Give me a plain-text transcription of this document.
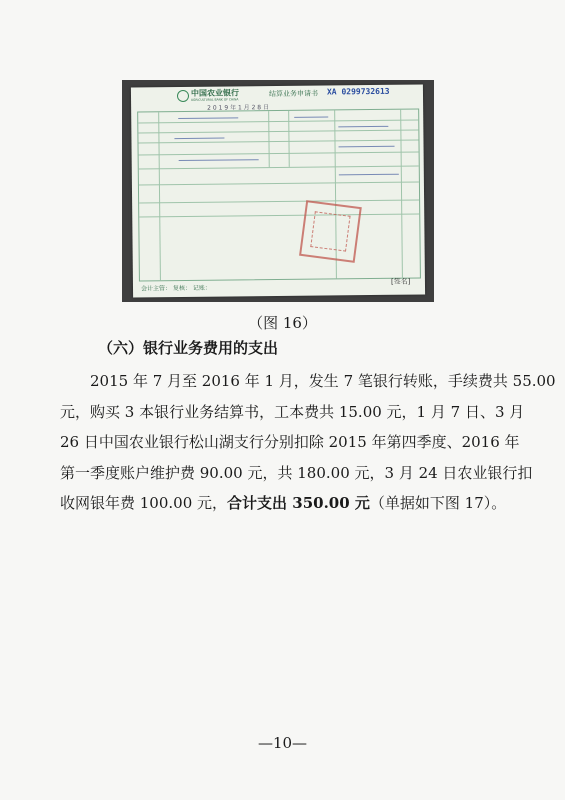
中国农业银行
AGRICULTURAL BANK OF CHINA
结算业务申请书 XA 0299732613
2 0 1 9 年 1 月 2 8 日
会计主管： 复核： 记账：
[签名]
（图 16）
（六）银行业务费用的支出

2015 年 7 月至 2016 年 1 月，发生 7 笔银行转账，手续费共 55.00

元，购买 3 本银行业务结算书，工本费共 15.00 元，1 月 7 日、3 月

26 日中国农业银行松山湖支行分别扣除 2015 年第四季度、2016 年

第一季度账户维护费 90.00 元，共 180.00 元，3 月 24 日农业银行扣

收网银年费 100.00 元，合计支出 350.00 元（单据如下图 17）。

—10—
